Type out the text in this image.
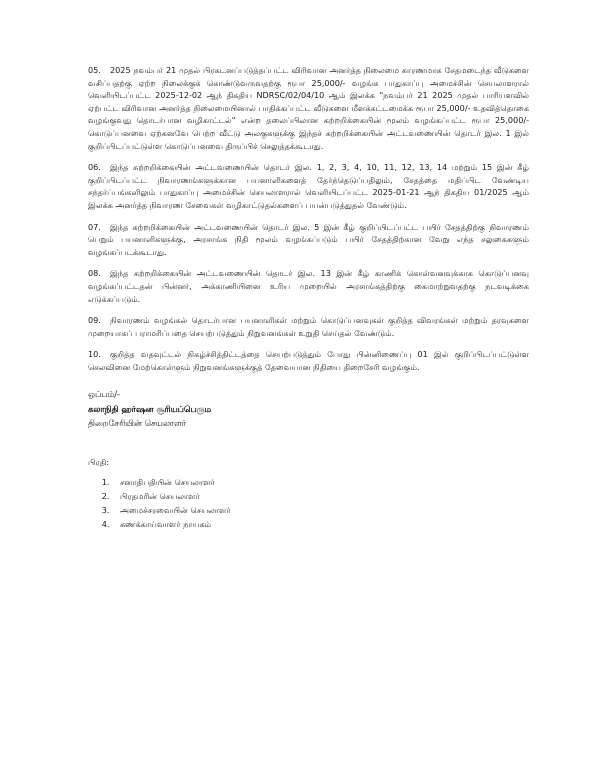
05. 2025 நவம்பர் 21 முதல் பிரகடனப்படுத்தப்பட்ட விரிவான அனர்த்த நிலைமை காரணமாக சேதமடைந்த வீடுகளை வசிப்பதற்கு ஏற்ற நிலைக்குக் கொண்டுவருவதற்கு ரூபா 25,000/- வழங்க பாதுகாப்பு அமைச்சின் செயலாளரால் வெளியிடப்பட்ட 2025-12-02 ஆந் திகதிய NDRSC/02/04/10 ஆம் இலக்க "நவம்பர் 21 2025 முதல் பாரியளவில் ஏற்பட்ட விரிவான அனர்த்த நிலைமையினால் பாதிக்கப்பட்ட வீடுகளை மீளக்கட்டமைக்க ரூபா 25,000/- உதவித்தொகை வழங்குவது தொடர்பான வழிகாட்டல்" என்ற தலைப்பிலான சுற்றறிக்கையின் மூலம் வழங்கப்பட்ட ரூபா 25,000/- கொடுப்பனவை ஏற்கனவே பெற்ற வீட்டு அலகுகளுக்கு இந்தச் சுற்றறிக்கையின் அட்டவணையின் தொடர் இல. 1 இல் குறிப்பிடப்பட்டுள்ள கொடுப்பனவை திருப்பிச் செலுத்தக்கூடாது.

06. இந்த சுற்றறிக்கையின் அட்டவணையின் தொடர் இல. 1, 2, 3, 4, 10, 11, 12, 13, 14 மற்றும் 15 இன் கீழ் குறிப்பிடப்பட்ட நிவாரணங்களுக்கான பயனாளிகளைத் தேர்ந்தெடுப்பதிலும், சேதத்தை மதிப்பிட வேண்டிய சந்தர்ப்பங்களிலும் பாதுகாப்பு அமைச்சின் செயலாளரால் வெளியிடப்பட்ட 2025-01-21 ஆந் திகதிய 01/2025 ஆம் இலக்க அனர்த்த நிவாரண சேவைகள் வழிகாட்டுதல்களைப் பயன்படுத்துதல் வேண்டும்.

07. இந்த சுற்றறிக்கையின் அட்டவணையின் தொடர் இல. 5 இன் கீழ் குறிப்பிடப்பட்ட பயிர் சேதத்திற்கு நிவாரணம் பெறும் பயனாளிகளுக்கு, அரசாங்க நிதி மூலம் வழங்கப்படும் பயிர் சேதத்திற்கான வேறு எந்த சலுகைகளும் வழங்கப்படக்கூடாது.

08. இந்த சுற்றறிக்கையின் அட்டவணையின் தொடர் இல. 13 இன் கீழ் காணிக் கொள்வனவுக்காக கொடுப்பனவு வழங்கப்பட்டதன் பின்னர், அக்காணியினை உரிய முறையில் அரசாங்கத்திற்கு கைமாற்றுவதற்கு நடவடிக்கை எடுக்கப்படும்.

09. நிவாரணம் வழங்கல் தொடர்பான பயனாளிகள் மற்றும் கொடுப்பனவுகள் குறித்த விவரங்கள் மற்றும் தரவுகளை முறையாகப் பராமரிப்பதை செயற்படுத்தும் நிறுவனங்கள் உறுதி செய்தல் வேண்டும்.

10. குறித்த வதவுட்டல் நிகழ்ச்சித்திட்டத்தை செயற்படுத்தும் போது பின்னிணைப்பு 01 இல் குறிப்பிடப்பட்டுள்ள செலவினை மேற்கொள்ளும் நிறுவனங்களுக்குத் தேவையான நிதியை திறைசேரி வழங்கும்.

ஒப்பம்/-
கலாநிதி ஹர்ஷன சூரியப்பெரும
திறைசேரியின் செயலாளர்
பிரதி:
1. சனாதிபதியின் செயலாளர்
2. பிரதமரின் செயலாளர்
3. அமைச்சரவையின் செயலாளர்
4. கணக்காய்வாளர் நாயகம்
